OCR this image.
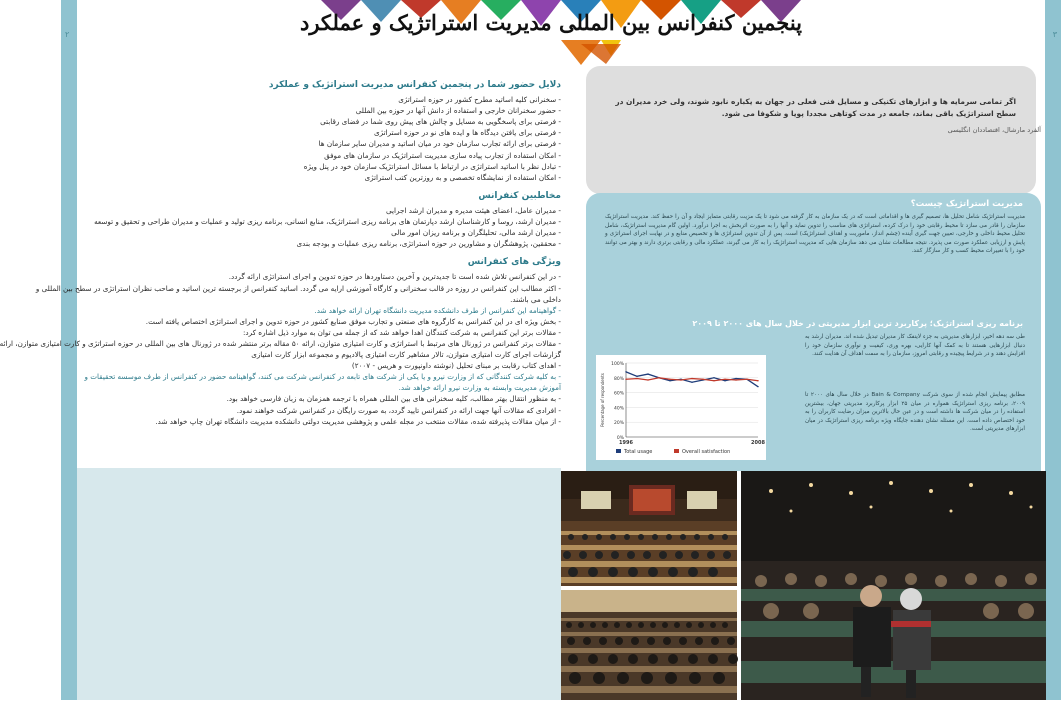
۲	۳
پنجمین کنفرانس بین المللی مدیریت استراتژیک و عملکرد
دلایل حضور شما در پنجمین کنفرانس مدیریت استراتژیک و عملکرد

- سخنرانی کلیه اساتید مطرح کشور در حوزه استراتژی

- حضور سخنرانان خارجی و استفاده از دانش آنها در حوزه بین المللی

- فرصتی برای پاسخگویی به مسایل و چالش های پیش روی شما در فضای رقابتی

- فرصتی برای یافتن دیدگاه ها و ایده های نو در حوزه استراتژی

- فرصتی برای ارائه تجارب سازمان خود در میان اساتید و مدیران سایر سازمان ها

- امکان استفاده از تجارب پیاده سازی مدیریت استراتژیک در سازمان های موفق

- تبادل نظر با اساتید استراتژی در ارتباط با مسائل استراتژیک سازمان خود در پنل ویژه

- امکان استفاده از نمایشگاه تخصصی و به روزترین کتب استراتژی

مخاطبین کنفرانس

- مدیران عامل، اعضای هیئت مدیره و مدیران ارشد اجرایی

- مدیران ارشد، روسا و کارشناسان ارشد دپارتمان های برنامه ریزی استراتژیک، منابع انسانی، برنامه ریزی تولید و عملیات و مدیران طراحی و تحقیق و توسعه

- مدیران ارشد مالی، تحلیلگران و برنامه ریزان امور مالی

- محققین، پژوهشگران و مشاورین در حوزه استراتژی، برنامه ریزی عملیات و بودجه بندی

ویژگی های کنفرانس

- در این کنفرانس تلاش شده است تا جدیدترین و آخرین دستاوردها در حوزه تدوین و اجرای استراتژی ارائه گردد.

- اکثر مطالب این کنفرانس در روزه در قالب سخنرانی و کارگاه آموزشی ارایه می گردد. اساتید کنفرانس از برجسته ترین اساتید و صاحب نظران استراتژی در سطح بین المللی و

داخلی می باشند.

- گواهینامه این کنفرانس از طرف دانشکده مدیریت دانشگاه تهران ارائه خواهد شد.

- بخش ویژه ای در این کنفرانس به کارگروه های صنعتی و تجارب موفق صنایع کشور در حوزه تدوین و اجرای استراتژی اختصاص یافته است.

- مقالات برتر این کنفرانس به شرکت کنندگان اهدا خواهد شد که از جمله می توان به موارد ذیل اشاره کرد:

- مقالات برتر کنفرانس در ژورنال های مرتبط با استراتژی و کارت امتیازی متوازن، ارائه ۵۰ مقاله برتر منتشر شده در ژورنال های بین المللی در حوزه استراتژی و کارت امتیازی متوازن، ارائه

گزارشات اجرای کارت امتیازی متوازن، تالار مشاهیر کارت امتیازی پالادیوم و مجموعه ابزار کارت امتیازی

- اهدای کتاب رقابت بر مبنای تحلیل (نوشته داونپورت و هریس - ۲۰۰۷)

- به کلیه شرکت کنندگانی که از وزارت نیرو و یا یکی از شرکت های تابعه در کنفرانس شرکت می کنند، گواهینامه حضور در کنفرانس از طرف موسسه تحقیقات و

آموزش مدیریت وابسته به وزارت نیرو ارائه خواهد شد.

- به منظور انتقال بهتر مطالب، کلیه سخنرانی های بین المللی همراه با ترجمه همزمان به زبان فارسی خواهد بود.

- افرادی که مقالات آنها جهت ارائه در کنفرانس تایید گردد، به صورت رایگان در کنفرانس شرکت خواهند نمود.

- از میان مقالات پذیرفته شده، مقالات منتخب در مجله علمی و پژوهشی مدیریت دولتی دانشکده مدیریت دانشگاه تهران چاپ خواهد شد.

اگر تمامی سرمایه ها و ابزارهای تکنیکی و مسایل فنی فعلی در جهان به یکباره نابود شوند، ولی خرد مدیران در سطح استراتژیک باقی بماند، جامعه در مدت کوتاهی مجددا پویا و شکوفا می شود.
آلفرد مارشال، اقتصاددان انگلیسی
مدیریت استراتژیک چیست؟
مدیریت استراتژیک شامل تحلیل ها، تصمیم گیری ها و اقداماتی است که در یک سازمان به کار گرفته می شود تا یک مزیت رقابتی متمایز ایجاد و آن را حفظ کند. مدیریت استراتژیک سازمان را قادر می سازد تا محیط رقابتی خود را درک کرده، استراتژی های مناسب را تدوین نماید و آنها را به صورت اثربخش به اجرا درآورد. اولین گام مدیریت استراتژیک، شامل تحلیل محیط داخلی و خارجی، تعیین جهت گیری آینده (چشم انداز، ماموریت و اهداف استراتژیک) است. پس از آن تدوین استراتژی ها و تخصیص منابع و در نهایت اجرای استراتژی و پایش و ارزیابی عملکرد صورت می پذیرد. نتیجه مطالعات نشان می دهد سازمان هایی که مدیریت استراتژیک را به کار می گیرند، عملکرد مالی و رقابتی برتری دارند و بهتر می توانند خود را با تغییرات محیط کسب و کار سازگار کنند.
برنامه ریزی استراتژیک؛ پرکاربرد ترین ابزار مدیریتی در خلال سال های ۲۰۰۰ تا ۲۰۰۹
طی سه دهه اخیر، ابزارهای مدیریتی به جزء لاینفک کار مدیران تبدیل شده اند. مدیران ارشد به دنبال ابزارهایی هستند تا به کمک آنها کارایی، بهره وری، کیفیت و نوآوری سازمان خود را افزایش دهند و در شرایط پیچیده و رقابتی امروز، سازمان را به سمت اهداف آن هدایت کنند.
مطابق پیمایش انجام شده از سوی شرکت Bain & Company در خلال سال های ۲۰۰۰ تا ۲۰۰۹، برنامه ریزی استراتژیک همواره در میان ۲۵ ابزار پرکاربرد مدیریتی جهان، بیشترین استفاده را در میان شرکت ها داشته است و در عین حال بالاترین میزان رضایت کاربران را به خود اختصاص داده است. این مسئله نشان دهنده جایگاه ویژه برنامه ریزی استراتژیک در میان ابزارهای مدیریتی است.
0%
20%
40%
60%
80%
100%
1996	2008
Percentage of respondents
Total usage	Overall satisfaction
